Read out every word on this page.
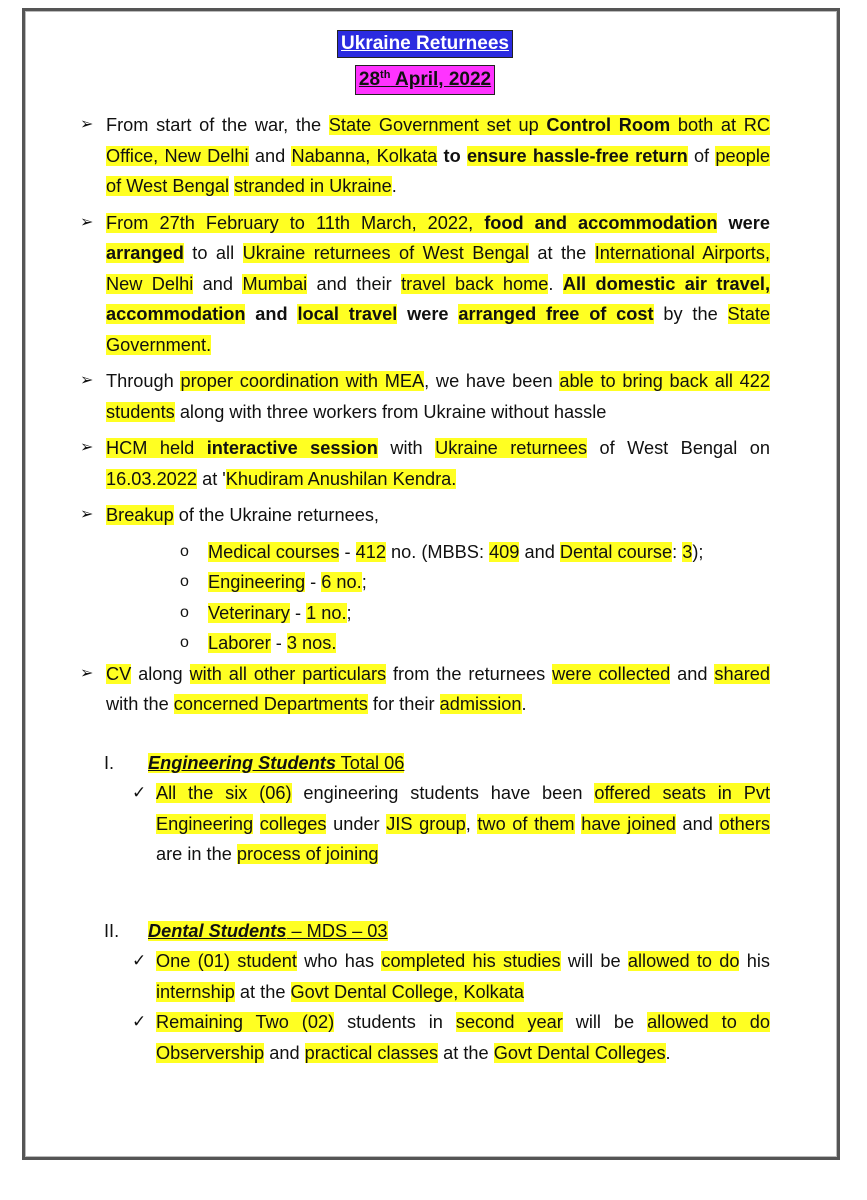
Ukraine Returnees
28th April, 2022
➢ From start of the war, the State Government set up Control Room both at RC Office, New Delhi and Nabanna, Kolkata to ensure hassle-free return of people of West Bengal stranded in Ukraine.
➢ From 27th February to 11th March, 2022, food and accommodation were arranged to all Ukraine returnees of West Bengal at the International Airports, New Delhi and Mumbai and their travel back home. All domestic air travel, accommodation and local travel were arranged free of cost by the State Government.
➢ Through proper coordination with MEA, we have been able to bring back all 422 students along with three workers from Ukraine without hassle
➢ HCM held interactive session with Ukraine returnees of West Bengal on 16.03.2022 at 'Khudiram Anushilan Kendra.
➢ Breakup of the Ukraine returnees,
o Medical courses - 412 no. (MBBS: 409 and Dental course: 3);
o Engineering - 6 no.;
o Veterinary - 1 no.;
o Laborer - 3 nos.
➢ CV along with all other particulars from the returnees were collected and shared with the concerned Departments for their admission.
I. Engineering Students Total 06
✓ All the six (06) engineering students have been offered seats in Pvt Engineering colleges under JIS group, two of them have joined and others are in the process of joining
II. Dental Students – MDS – 03
✓ One (01) student who has completed his studies will be allowed to do his internship at the Govt Dental College, Kolkata
✓ Remaining Two (02) students in second year will be allowed to do Observership and practical classes at the Govt Dental Colleges.
